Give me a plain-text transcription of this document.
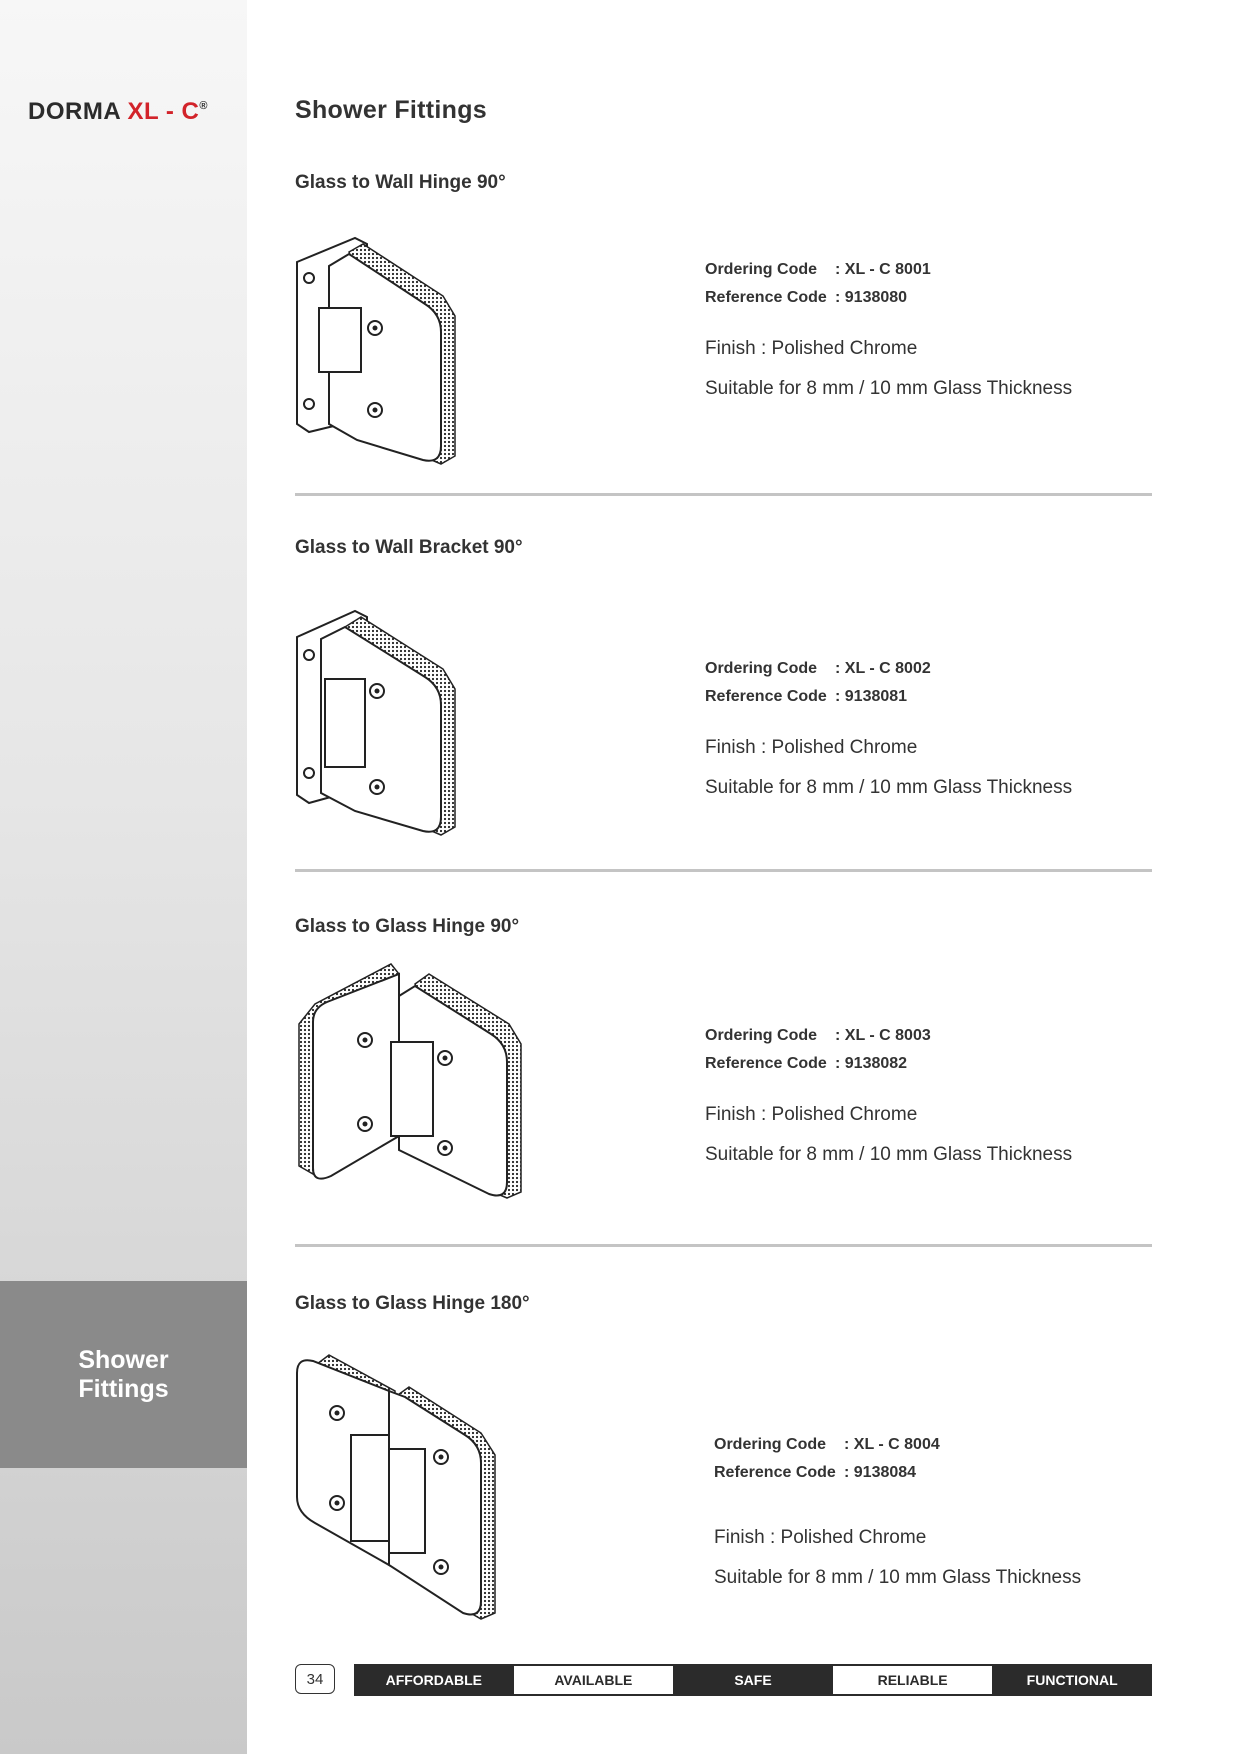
DORMA XL - C®
Shower
Fittings
Shower Fittings
Glass to Wall Hinge 90°
Ordering Code	: XL - C 8001
Reference Code : 9138080
Finish : Polished Chrome
Suitable for 8 mm / 10 mm Glass Thickness
Glass to Wall Bracket 90°
Ordering Code	: XL - C 8002
Reference Code : 9138081
Finish : Polished Chrome
Suitable for 8 mm / 10 mm Glass Thickness
Glass to Glass Hinge 90°
Ordering Code	: XL - C 8003
Reference Code : 9138082
Finish : Polished Chrome
Suitable for 8 mm / 10 mm Glass Thickness
Glass to Glass Hinge 180°
Ordering Code	: XL - C 8004
Reference Code : 9138084
Finish : Polished Chrome
Suitable for 8 mm / 10 mm Glass Thickness
34	AFFORDABLE	AVAILABLE	SAFE	RELIABLE	FUNCTIONAL
